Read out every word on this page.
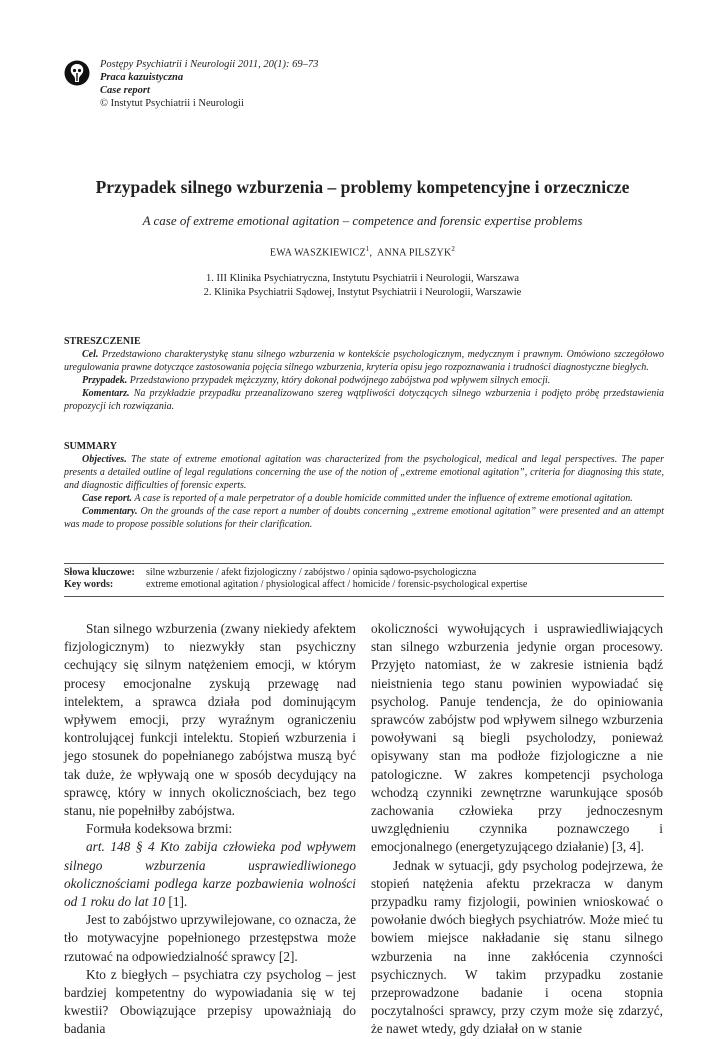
Postępy Psychiatrii i Neurologii 2011, 20(1): 69–73
Praca kazuistyczna
Case report
© Instytut Psychiatrii i Neurologii
Przypadek silnego wzburzenia – problemy kompetencyjne i orzecznicze
A case of extreme emotional agitation – competence and forensic expertise problems
EWA WASZKIEWICZ$^1$,  ANNA PILSZYK$^2$
1. III Klinika Psychiatryczna, Instytutu Psychiatrii i Neurologii, Warszawa
2. Klinika Psychiatrii Sądowej, Instytut Psychiatrii i Neurologii, Warszawie
STRESZCZENIE

Cel. Przedstawiono charakterystykę stanu silnego wzburzenia w kontekście psychologicznym, medycznym i prawnym. Omówiono szczegółowo uregulowania prawne dotyczące zastosowania pojęcia silnego wzburzenia, kryteria opisu jego rozpoznawania i trudności diagnostyczne biegłych.

Przypadek. Przedstawiono przypadek mężczyzny, który dokonał podwójnego zabójstwa pod wpływem silnych emocji.

Komentarz. Na przykładzie przypadku przeanalizowano szereg wątpliwości dotyczących silnego wzburzenia i podjęto próbę przedstawienia propozycji ich rozwiązania.

SUMMARY

Objectives. The state of extreme emotional agitation was characterized from the psychological, medical and legal perspectives. The paper presents a detailed outline of legal regulations concerning the use of the notion of „extreme emotional agitation”, criteria for diagnosing this state, and diagnostic difficulties of forensic experts.

Case report. A case is reported of a male perpetrator of a double homicide committed under the influence of extreme emotional agitation.

Commentary. On the grounds of the case report a number of doubts concerning „extreme emotional agitation” were presented and an attempt was made to propose possible solutions for their clarification.

Słowa kluczowe: silne wzburzenie / afekt fizjologiczny / zabójstwo / opinia sądowo-psychologiczna
Key words:	extreme emotional agitation / physiological affect / homicide / forensic-psychological expertise

Stan silnego wzburzenia (zwany niekiedy afektem fizjologicznym) to niezwykły stan psychiczny cechujący się silnym natężeniem emocji, w którym procesy emocjonalne zyskują przewagę nad intelektem, a sprawca działa pod dominującym wpływem emocji, przy wyraźnym ograniczeniu kontrolującej funkcji intelektu. Stopień wzburzenia i jego stosunek do popełnianego zabójstwa muszą być tak duże, że wpływają one w sposób decydujący na sprawcę, który w innych okolicznościach, bez tego stanu, nie popełniłby zabójstwa.

Formuła kodeksowa brzmi:

art. 148 § 4 Kto zabija człowieka pod wpływem silnego wzburzenia usprawiedliwionego okolicznościami podlega karze pozbawienia wolności od 1 roku do lat 10 [1].

Jest to zabójstwo uprzywilejowane, co oznacza, że tło motywacyjne popełnionego przestępstwa może rzutować na odpowiedzialność sprawcy [2].

Kto z biegłych – psychiatra czy psycholog – jest bardziej kompetentny do wypowiadania się w tej kwestii? Obowiązujące przepisy upoważniają do badania

okoliczności wywołujących i usprawiedliwiających stan silnego wzburzenia jedynie organ procesowy. Przyjęto natomiast, że w zakresie istnienia bądź nieistnienia tego stanu powinien wypowiadać się psycholog. Panuje tendencja, że do opiniowania sprawców zabójstw pod wpływem silnego wzburzenia powoływani są biegli psycholodzy, ponieważ opisywany stan ma podłoże fizjologiczne a nie patologiczne. W zakres kompetencji psychologa wchodzą czynniki zewnętrzne warunkujące sposób zachowania człowieka przy jednoczesnym uwzględnieniu czynnika poznawczego i emocjonalnego (energetyzującego działanie) [3, 4].

Jednak w sytuacji, gdy psycholog podejrzewa, że stopień natężenia afektu przekracza w danym przypadku ramy fizjologii, powinien wnioskować o powołanie dwóch biegłych psychiatrów. Może mieć tu bowiem miejsce nakładanie się stanu silnego wzburzenia na inne zakłócenia czynności psychicznych. W takim przypadku zostanie przeprowadzone badanie i ocena stopnia poczytalności sprawcy, przy czym może się zdarzyć, że nawet wtedy, gdy działał on w stanie
